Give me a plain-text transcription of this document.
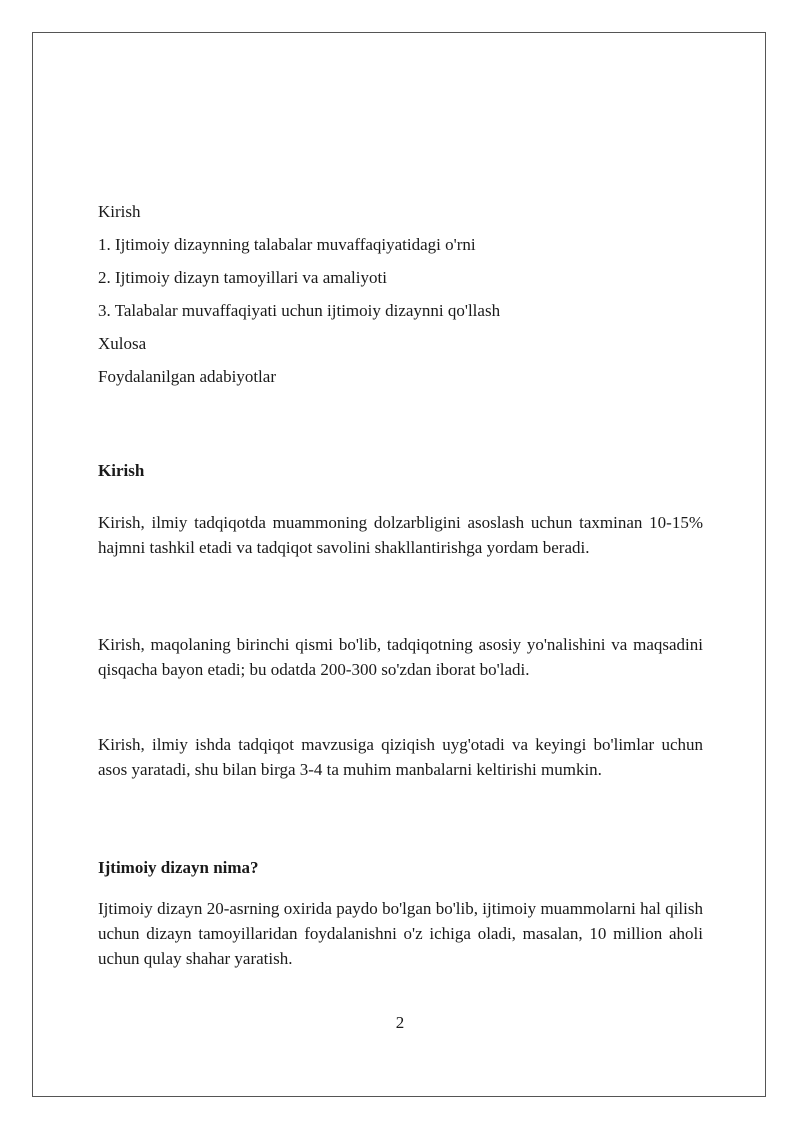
Kirish
1. Ijtimoiy dizaynning talabalar muvaffaqiyatidagi o'rni
2. Ijtimoiy dizayn tamoyillari va amaliyoti
3. Talabalar muvaffaqiyati uchun ijtimoiy dizaynni qo'llash
Xulosa
Foydalanilgan adabiyotlar
Kirish

Kirish, ilmiy tadqiqotda muammoning dolzarbligini asoslash uchun taxminan 10-15% hajmni tashkil etadi va tadqiqot savolini shakllantirishga yordam beradi.

Kirish, maqolaning birinchi qismi bo'lib, tadqiqotning asosiy yo'nalishini va maqsadini qisqacha bayon etadi; bu odatda 200-300 so'zdan iborat bo'ladi.

Kirish, ilmiy ishda tadqiqot mavzusiga qiziqish uyg'otadi va keyingi bo'limlar uchun asos yaratadi, shu bilan birga 3-4 ta muhim manbalarni keltirishi mumkin.

Ijtimoiy dizayn nima?

Ijtimoiy dizayn 20-asrning oxirida paydo bo'lgan bo'lib, ijtimoiy muammolarni hal qilish uchun dizayn tamoyillaridan foydalanishni o'z ichiga oladi, masalan, 10 million aholi uchun qulay shahar yaratish.

2
